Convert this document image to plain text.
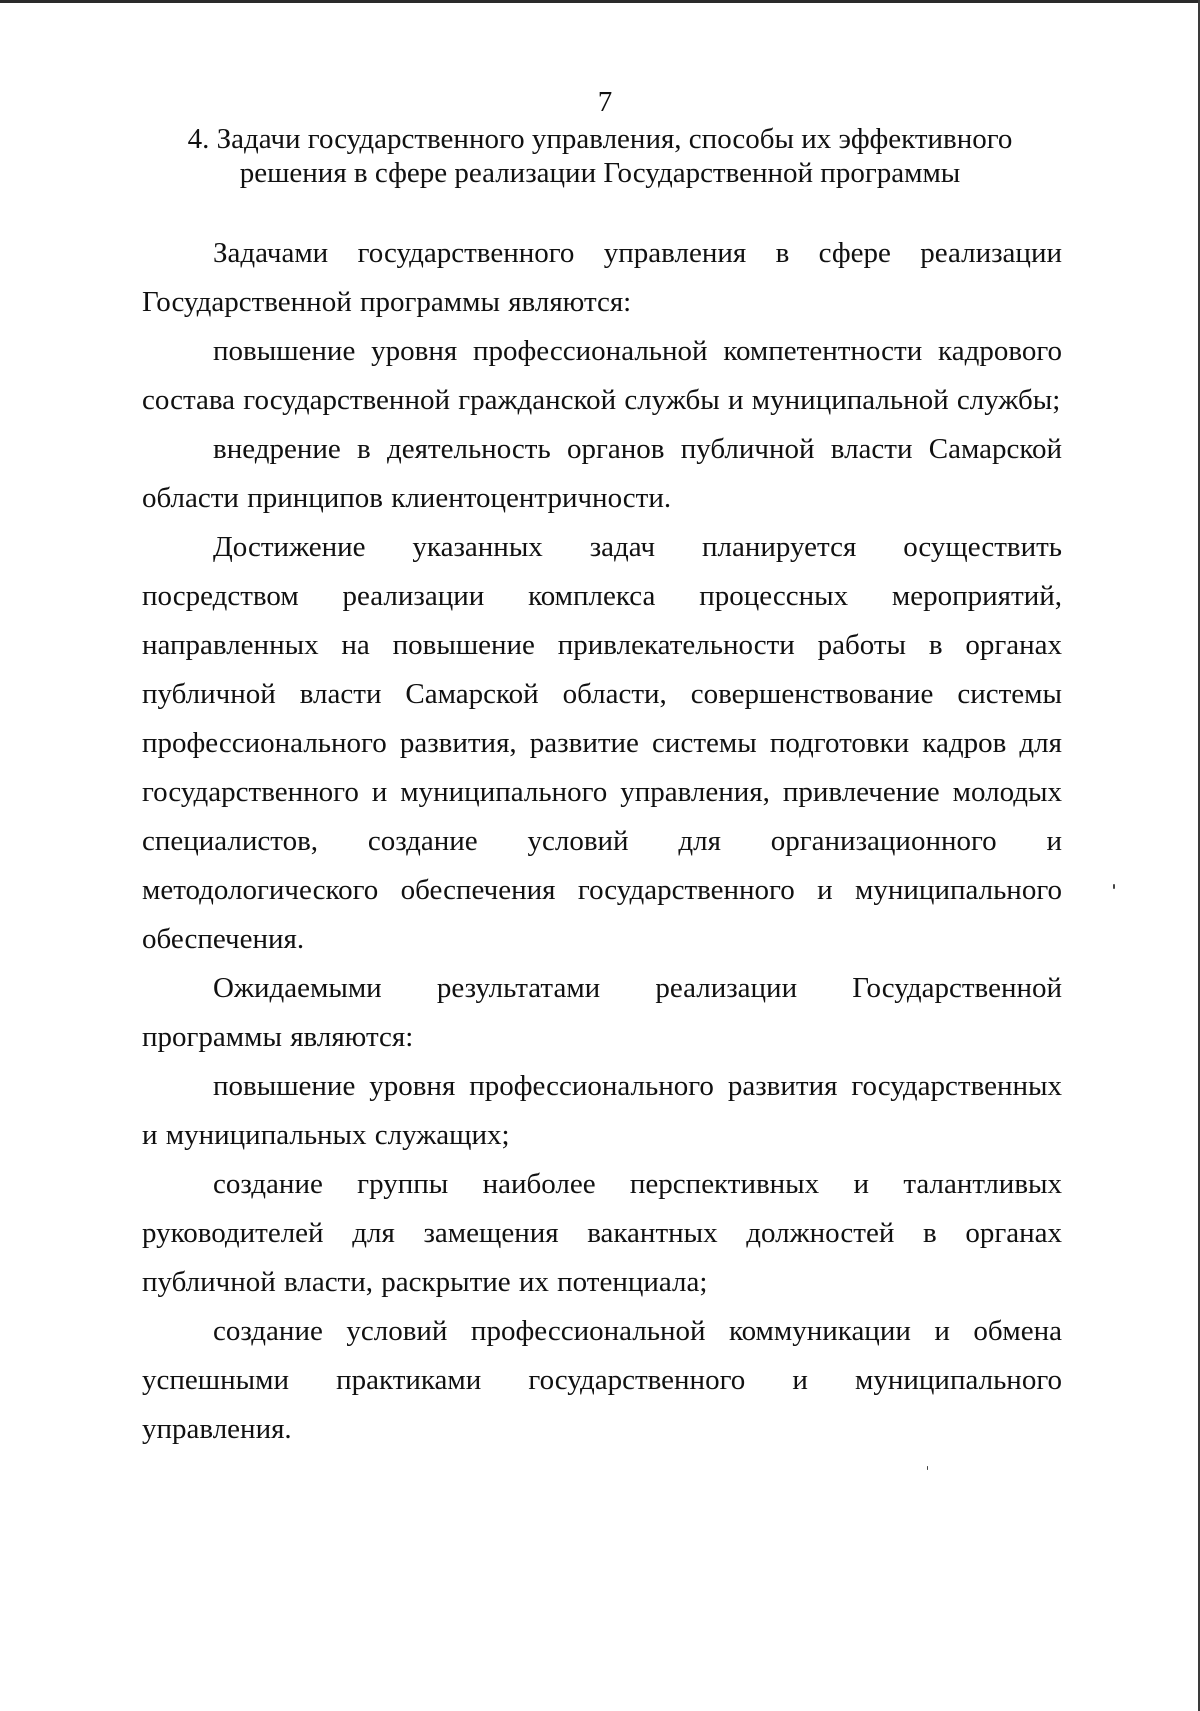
7
4. Задачи государственного управления, способы их эффективного
решения в сфере реализации Государственной программы

Задачами государственного управления в сфере реализации Государственной программы являются:

повышение уровня профессиональной компетентности кадрового состава государственной гражданской службы и муниципальной службы;

внедрение в деятельность органов публичной власти Самарской области принципов клиентоцентричности.

Достижение указанных задач планируется осуществить посредством реализации комплекса процессных мероприятий, направленных на повышение привлекательности работы в органах публичной власти Самарской области, совершенствование системы профессионального развития, развитие системы подготовки кадров для государственного и муниципального управления, привлечение молодых специалистов, создание условий для организационного и методологического обеспечения государственного и муниципального обеспечения.

Ожидаемыми результатами реализации Государственной программы являются:

повышение уровня профессионального развития государственных и муниципальных служащих;

создание группы наиболее перспективных и талантливых руководителей для замещения вакантных должностей в органах публичной власти, раскрытие их потенциала;

создание условий профессиональной коммуникации и обмена успешными практиками государственного и муниципального управления.
